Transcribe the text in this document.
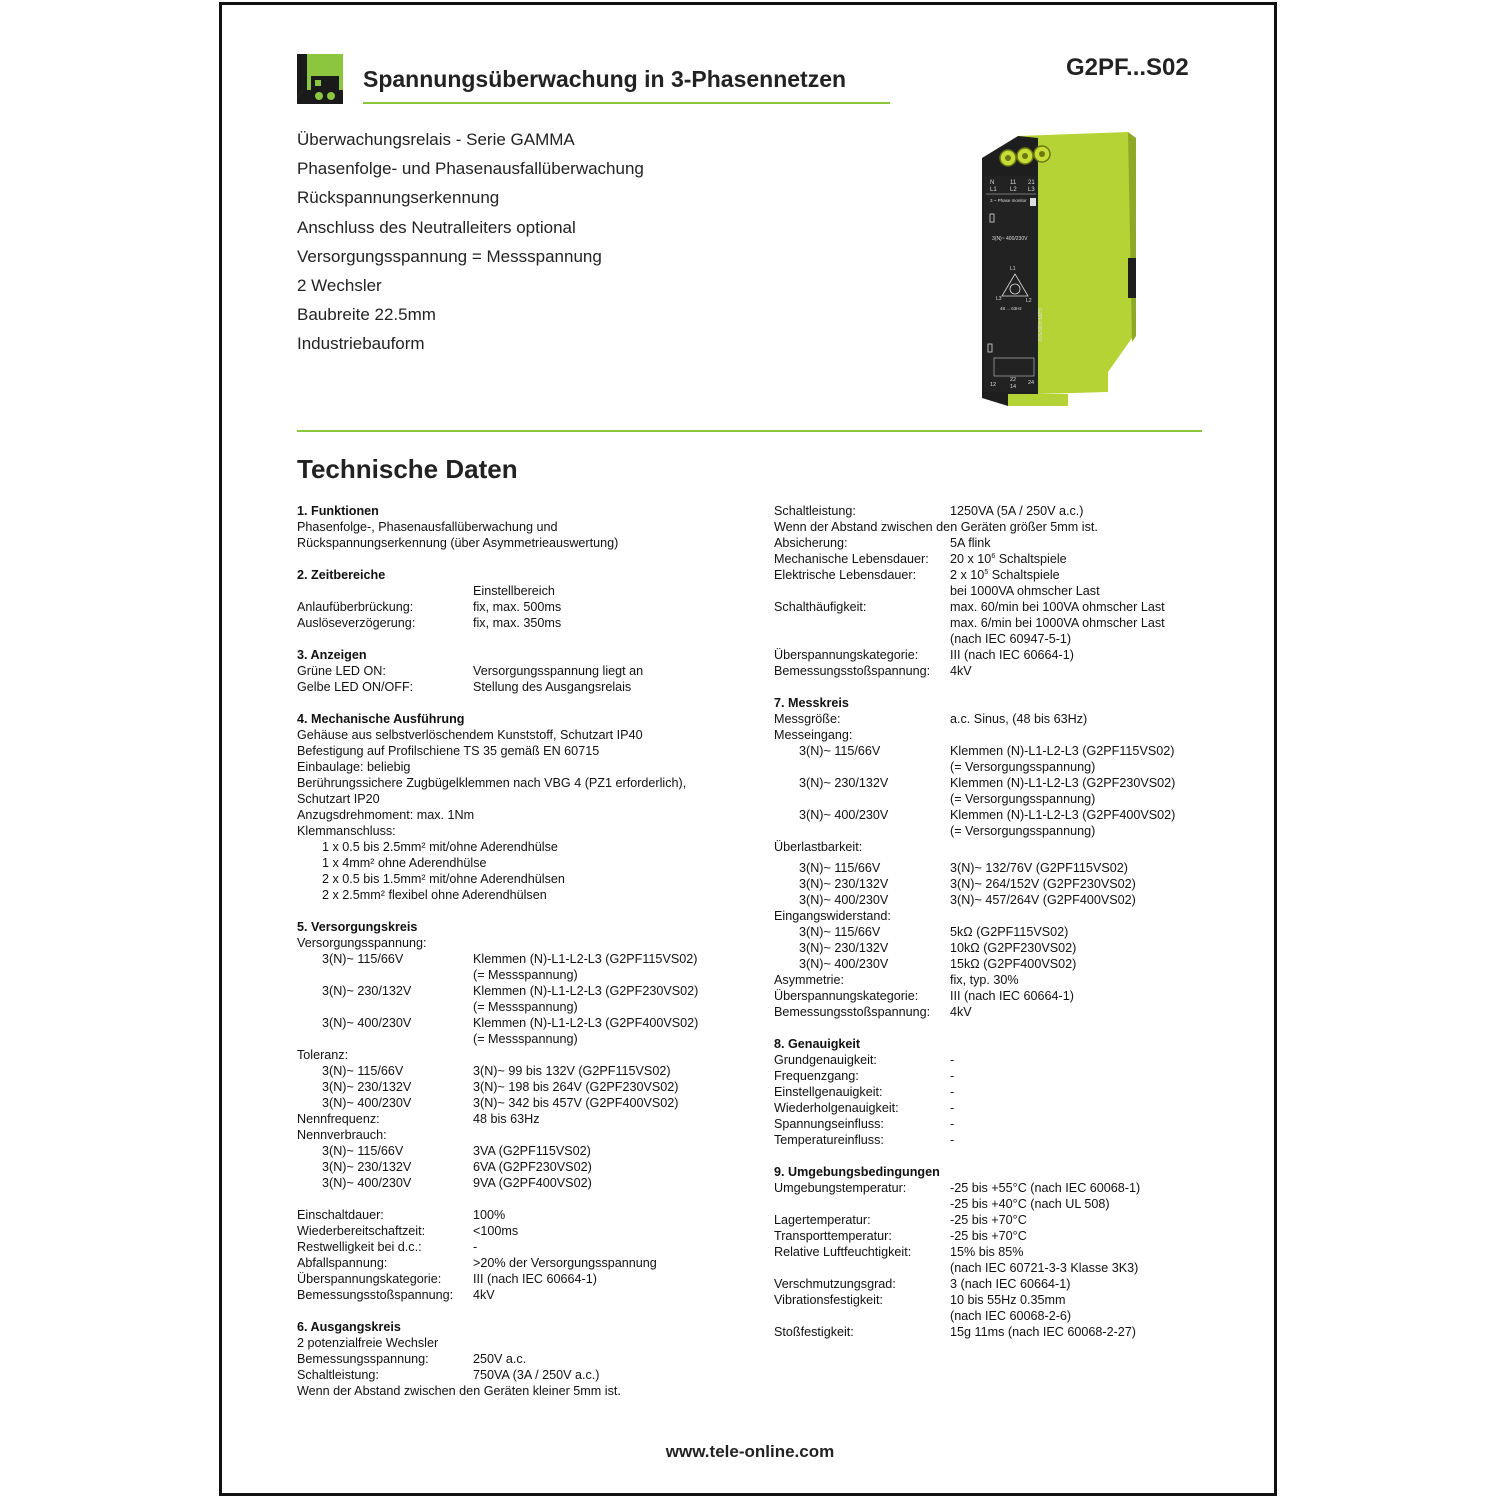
Spannungsüberwachung in 3-Phasennetzen	G2PF...S02
Überwachungsrelais - Serie GAMMA
Phasenfolge- und Phasenausfallüberwachung
Rückspannungserkennung
Anschluss des Neutralleiters optional
Versorgungsspannung = Messspannung
2 Wechsler
Baubreite 22.5mm
Industriebauform
N	11 21
L1 L2 L3
3 ~ Phase monitor
3(N)~ 400/230V
L1
L3	L2
48 ... 63Hz	G2PF400VS02
12
22 24
14
Technische Daten
1. Funktionen
Phasenfolge-, Phasenausfallüberwachung und
Rückspannungserkennung (über Asymmetrieauswertung)
2. Zeitbereiche
Einstellbereich
Anlaufüberbrückung:	fix, max. 500ms
Auslöseverzögerung:	fix, max. 350ms
3. Anzeigen
Grüne LED ON:	Versorgungsspannung liegt an
Gelbe LED ON/OFF:	Stellung des Ausgangsrelais
4. Mechanische Ausführung
Gehäuse aus selbstverlöschendem Kunststoff, Schutzart IP40
Befestigung auf Profilschiene TS 35 gemäß EN 60715
Einbaulage: beliebig
Berührungssichere Zugbügelklemmen nach VBG 4 (PZ1 erforderlich),
Schutzart IP20
Anzugsdrehmoment: max. 1Nm
Klemmanschluss:
1 x 0.5 bis 2.5mm² mit/ohne Aderendhülse
1 x 4mm² ohne Aderendhülse
2 x 0.5 bis 1.5mm² mit/ohne Aderendhülsen
2 x 2.5mm² flexibel ohne Aderendhülsen
5. Versorgungskreis
Versorgungsspannung:
3(N)~ 115/66V	Klemmen (N)-L1-L2-L3 (G2PF115VS02)
(= Messspannung)
3(N)~ 230/132V	Klemmen (N)-L1-L2-L3 (G2PF230VS02)
(= Messspannung)
3(N)~ 400/230V	Klemmen (N)-L1-L2-L3 (G2PF400VS02)
(= Messspannung)
Toleranz:
3(N)~ 115/66V	3(N)~ 99 bis 132V (G2PF115VS02)
3(N)~ 230/132V	3(N)~ 198 bis 264V (G2PF230VS02)
3(N)~ 400/230V	3(N)~ 342 bis 457V (G2PF400VS02)
Nennfrequenz:	48 bis 63Hz
Nennverbrauch:
3(N)~ 115/66V	3VA (G2PF115VS02)
3(N)~ 230/132V	6VA (G2PF230VS02)
3(N)~ 400/230V	9VA (G2PF400VS02)
Einschaltdauer:	100%
Wiederbereitschaftzeit:	<100ms
Restwelligkeit bei d.c.:	-
Abfallspannung:	>20% der Versorgungsspannung
Überspannungskategorie:	III (nach IEC 60664-1)
Bemessungsstoßspannung:	4kV
6. Ausgangskreis
2 potenzialfreie Wechsler
Bemessungsspannung:	250V a.c.
Schaltleistung:	750VA (3A / 250V a.c.)
Wenn der Abstand zwischen den Geräten kleiner 5mm ist.
Schaltleistung:	1250VA (5A / 250V a.c.)
Wenn der Abstand zwischen den Geräten größer 5mm ist.
Absicherung:	5A flink
Mechanische Lebensdauer:	20 x $10^6$ Schaltspiele
Elektrische Lebensdauer:	2 x $10^5$ Schaltspiele
bei 1000VA ohmscher Last
Schalthäufigkeit:	max. 60/min bei 100VA ohmscher Last
max. 6/min bei 1000VA ohmscher Last
(nach IEC 60947-5-1)
Überspannungskategorie:	III (nach IEC 60664-1)
Bemessungsstoßspannung:	4kV
7. Messkreis
Messgröße:	a.c. Sinus, (48 bis 63Hz)
Messeingang:
3(N)~ 115/66V	Klemmen (N)-L1-L2-L3 (G2PF115VS02)
(= Versorgungsspannung)
3(N)~ 230/132V	Klemmen (N)-L1-L2-L3 (G2PF230VS02)
(= Versorgungsspannung)
3(N)~ 400/230V	Klemmen (N)-L1-L2-L3 (G2PF400VS02)
(= Versorgungsspannung)
Überlastbarkeit:
3(N)~ 115/66V	3(N)~ 132/76V (G2PF115VS02)
3(N)~ 230/132V	3(N)~ 264/152V (G2PF230VS02)
3(N)~ 400/230V	3(N)~ 457/264V (G2PF400VS02)
Eingangswiderstand:
3(N)~ 115/66V	5kΩ (G2PF115VS02)
3(N)~ 230/132V	10kΩ (G2PF230VS02)
3(N)~ 400/230V	15kΩ (G2PF400VS02)
Asymmetrie:	fix, typ. 30%
Überspannungskategorie:	III (nach IEC 60664-1)
Bemessungsstoßspannung:	4kV
8. Genauigkeit
Grundgenauigkeit:	-
Frequenzgang:	-
Einstellgenauigkeit:	-
Wiederholgenauigkeit:	-
Spannungseinfluss:	-
Temperatureinfluss:	-
9. Umgebungsbedingungen
Umgebungstemperatur:	-25 bis +55°C (nach IEC 60068-1)
-25 bis +40°C (nach UL 508)
Lagertemperatur:	-25 bis +70°C
Transporttemperatur:	-25 bis +70°C
Relative Luftfeuchtigkeit:	15% bis 85%
(nach IEC 60721-3-3 Klasse 3K3)
Verschmutzungsgrad:	3 (nach IEC 60664-1)
Vibrationsfestigkeit:	10 bis 55Hz 0.35mm
(nach IEC 60068-2-6)
Stoßfestigkeit:	15g 11ms (nach IEC 60068-2-27)
www.tele-online.com
